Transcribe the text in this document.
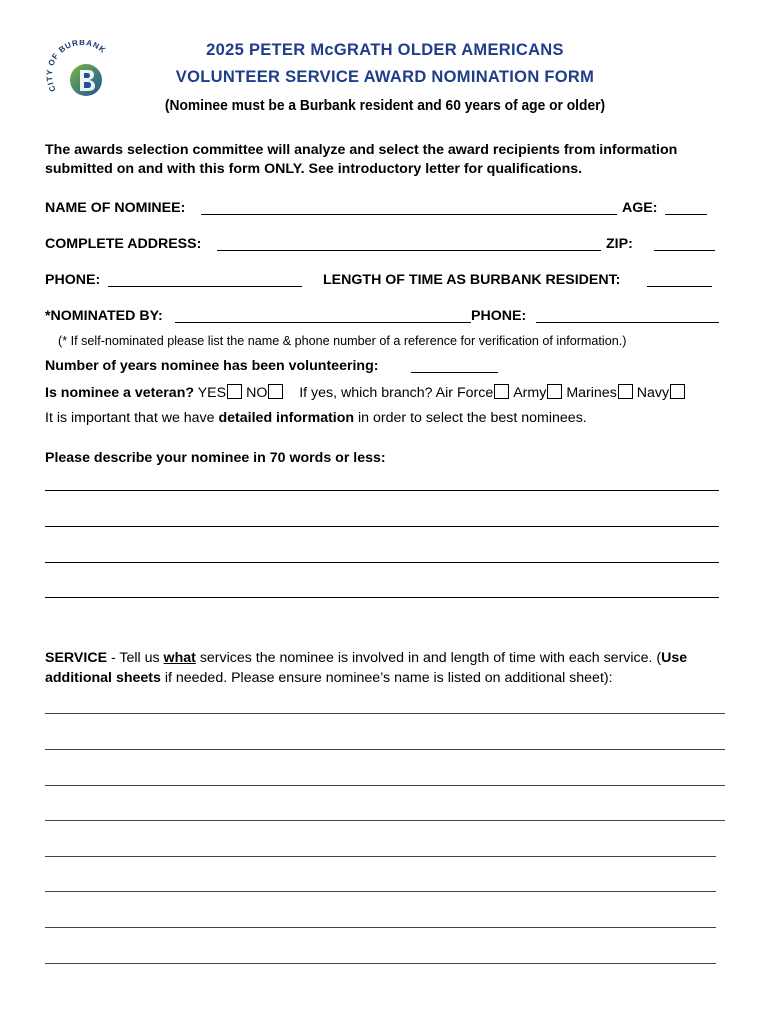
CITY OF BURBANK	2025 PETER McGRATH OLDER AMERICANS
VOLUNTEER SERVICE AWARD NOMINATION FORM
(Nominee must be a Burbank resident and 60 years of age or older)
The awards selection committee will analyze and select the award recipients from information submitted on and with this form ONLY. See introductory letter for qualifications.
NAME OF NOMINEE:	AGE:
COMPLETE ADDRESS:	ZIP:
PHONE:	LENGTH OF TIME AS BURBANK RESIDENT:
*NOMINATED BY:	PHONE:
(* If self-nominated please list the name & phone number of a reference for verification of information.)
Number of years nominee has been volunteering:
Is nominee a veteran? YES NO If yes, which branch? Air Force Army Marines Navy
It is important that we have detailed information in order to select the best nominees.
Please describe your nominee in 70 words or less:
SERVICE - Tell us what services the nominee is involved in and length of time with each service. (Use additional sheets if needed. Please ensure nominee’s name is listed on additional sheet):
